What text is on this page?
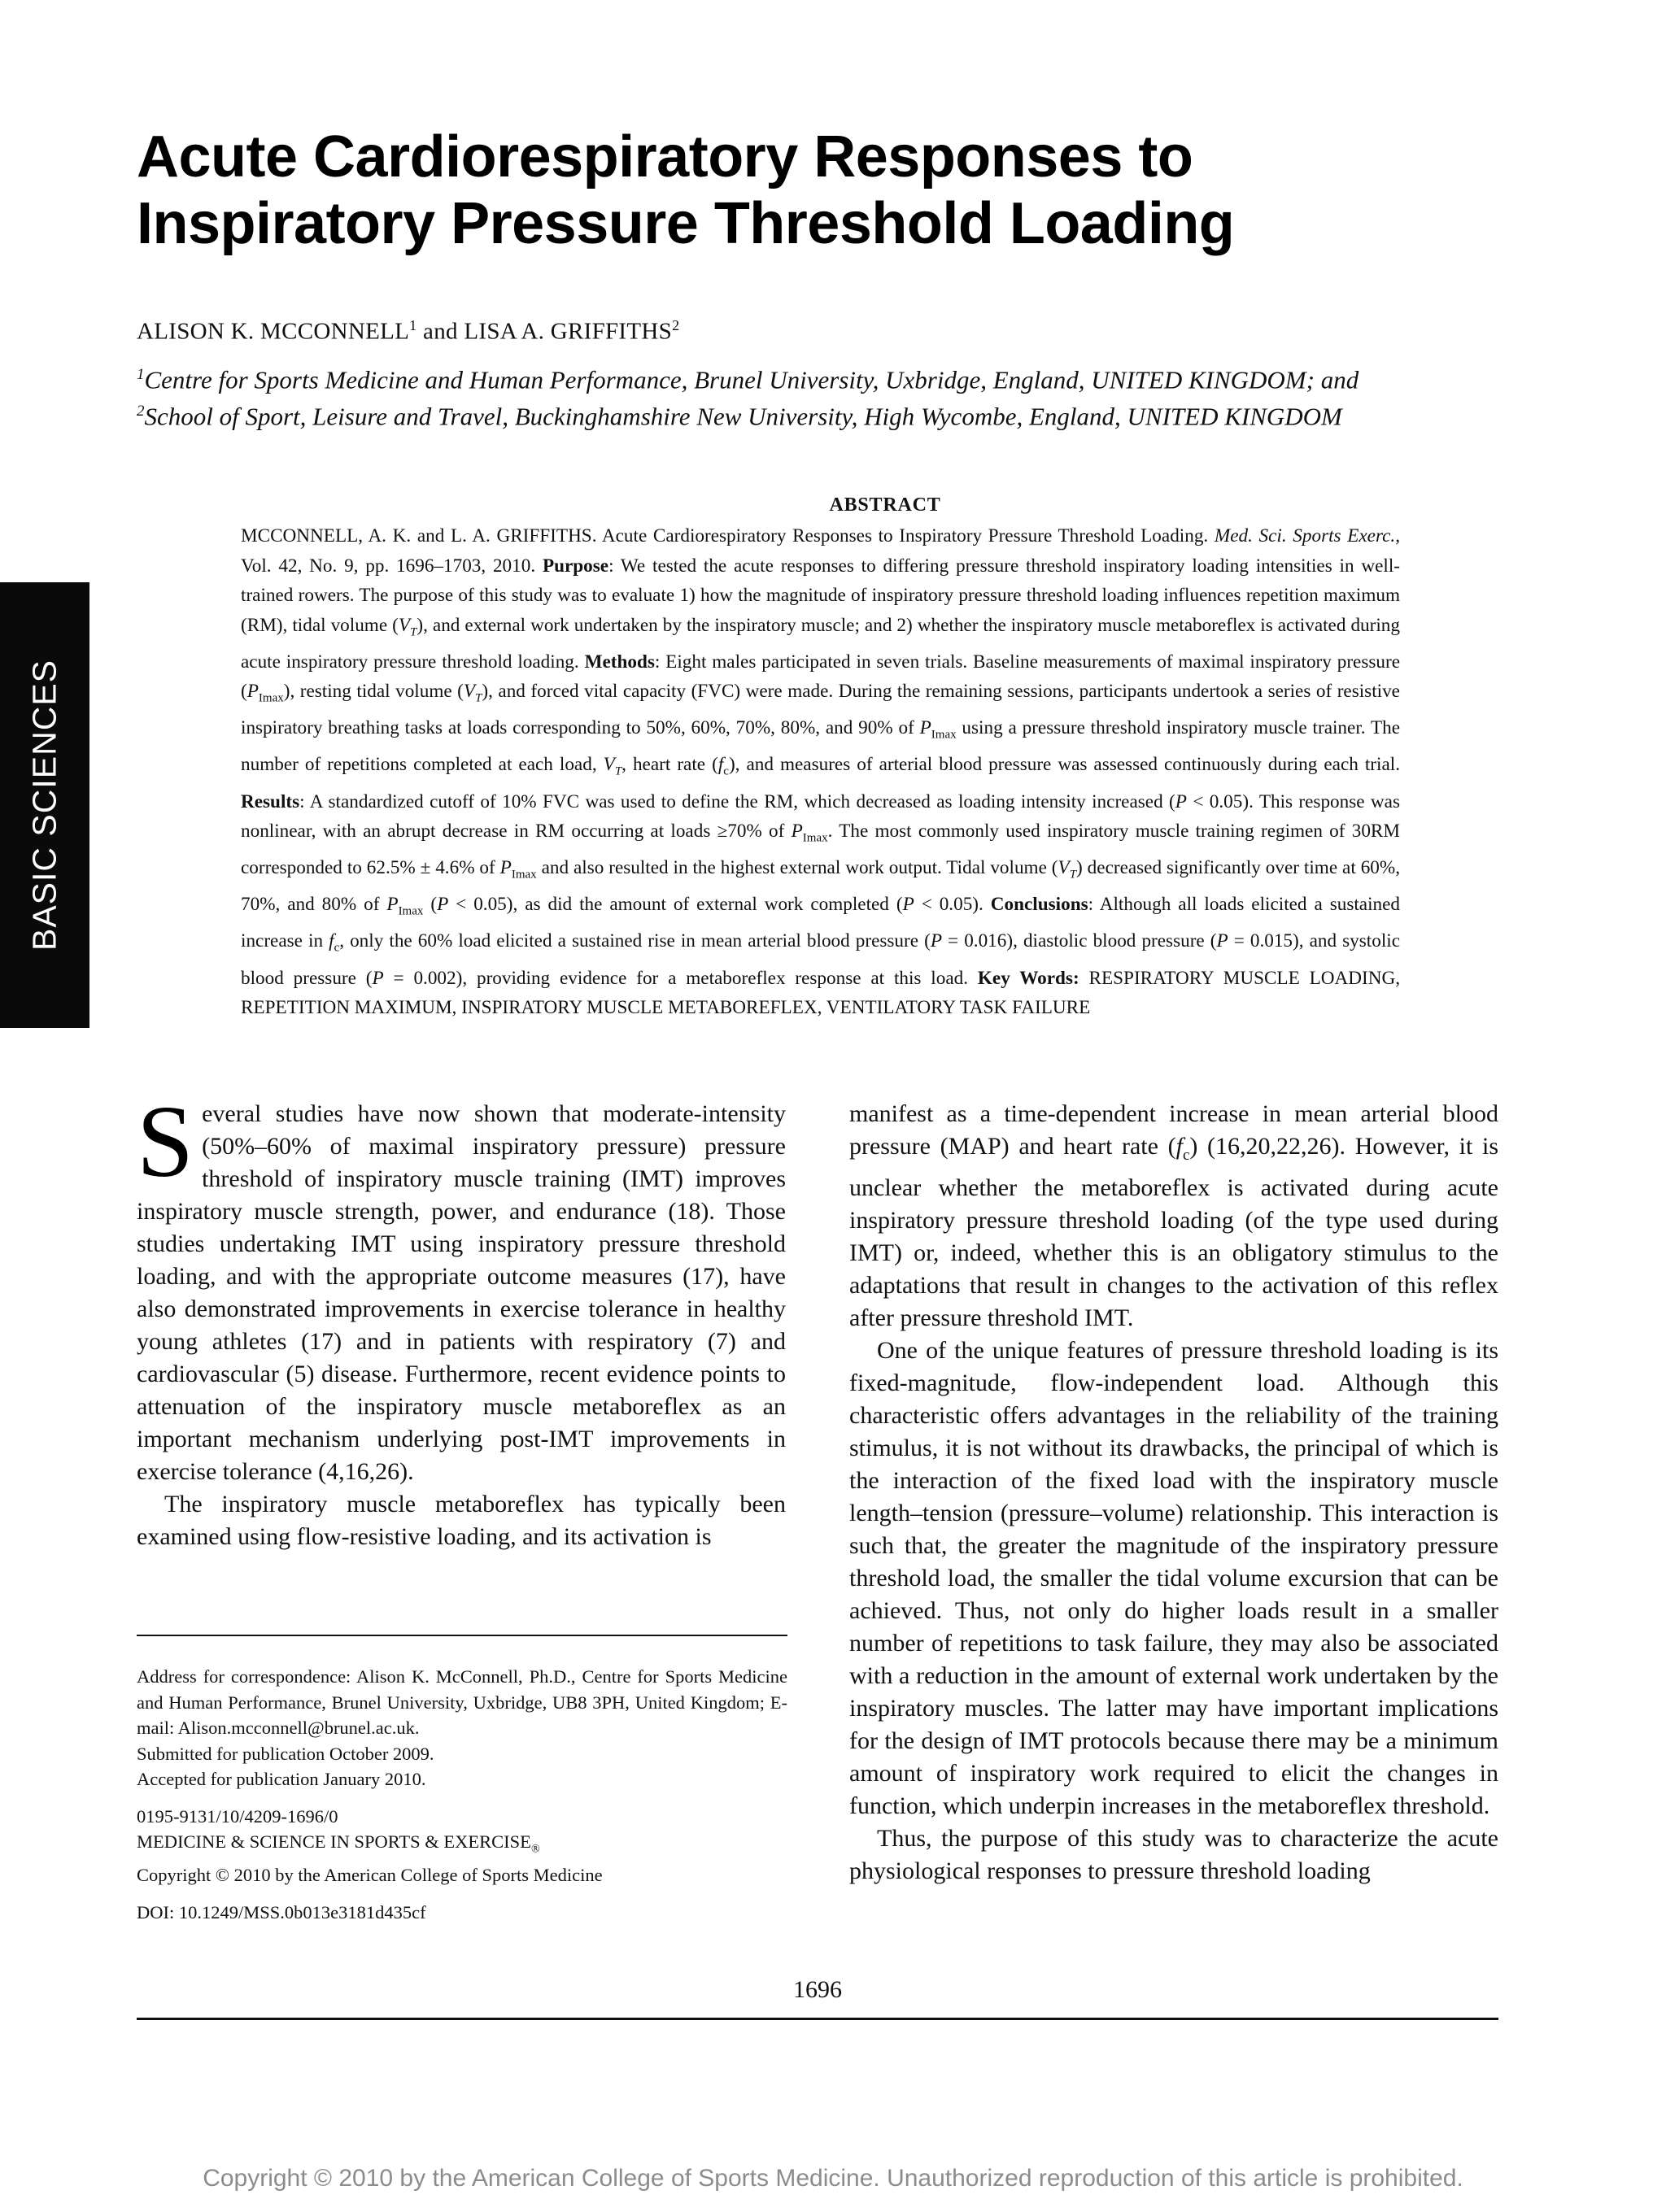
BASIC SCIENCES
Acute Cardiorespiratory Responses to
Inspiratory Pressure Threshold Loading
ALISON K. MCCONNELL$^1$ and LISA A. GRIFFITHS$^2$
$^1$Centre for Sports Medicine and Human Performance, Brunel University, Uxbridge, England, UNITED KINGDOM; and
$^2$School of Sport, Leisure and Travel, Buckinghamshire New University, High Wycombe, England, UNITED KINGDOM
ABSTRACT
MCCONNELL, A. K. and L. A. GRIFFITHS. Acute Cardiorespiratory Responses to Inspiratory Pressure Threshold Loading. Med. Sci. Sports Exerc., Vol. 42, No. 9, pp. 1696–1703, 2010. Purpose: We tested the acute responses to differing pressure threshold inspiratory loading intensities in well-trained rowers. The purpose of this study was to evaluate 1) how the magnitude of inspiratory pressure threshold loading influences repetition maximum (RM), tidal volume $(V_T)$, and external work undertaken by the inspiratory muscle; and 2) whether the inspiratory muscle metaboreflex is activated during acute inspiratory pressure threshold loading. Methods: Eight males participated in seven trials. Baseline measurements of maximal inspiratory pressure $(P_{Imax})$, resting tidal volume $(V_T)$, and forced vital capacity (FVC) were made. During the remaining sessions, participants undertook a series of resistive inspiratory breathing tasks at loads corresponding to 50%, 60%, 70%, 80%, and 90% of $P_{Imax}$ using a pressure threshold inspiratory muscle trainer. The number of repetitions completed at each load, $V_T$, heart rate $(f_c)$, and measures of arterial blood pressure was assessed continuously during each trial. Results: A standardized cutoff of 10% FVC was used to define the RM, which decreased as loading intensity increased (P < 0.05). This response was nonlinear, with an abrupt decrease in RM occurring at loads ≥70% of $P_{Imax}$. The most commonly used inspiratory muscle training regimen of 30RM corresponded to 62.5% ± 4.6% of $P_{Imax}$ and also resulted in the highest external work output. Tidal volume $(V_T)$ decreased significantly over time at 60%, 70%, and 80% of $P_{Imax}$ (P < 0.05), as did the amount of external work completed (P < 0.05). Conclusions: Although all loads elicited a sustained increase in $f_c$, only the 60% load elicited a sustained rise in mean arterial blood pressure (P = 0.016), diastolic blood pressure (P = 0.015), and systolic blood pressure (P = 0.002), providing evidence for a metaboreflex response at this load. Key Words: RESPIRATORY MUSCLE LOADING, REPETITION MAXIMUM, INSPIRATORY MUSCLE METABOREFLEX, VENTILATORY TASK FAILURE

Several studies have now shown that moderate-intensity (50%–60% of maximal inspiratory pressure) pressure threshold of inspiratory muscle training (IMT) improves inspiratory muscle strength, power, and endurance (18). Those studies undertaking IMT using inspiratory pressure threshold loading, and with the appropriate outcome measures (17), have also demonstrated improvements in exercise tolerance in healthy young athletes (17) and in patients with respiratory (7) and cardiovascular (5) disease. Furthermore, recent evidence points to attenuation of the inspiratory muscle metaboreflex as an important mechanism underlying post-IMT improvements in exercise tolerance (4,16,26).

The inspiratory muscle metaboreflex has typically been examined using flow-resistive loading, and its activation is

manifest as a time-dependent increase in mean arterial blood pressure (MAP) and heart rate $(f_c)$ (16,20,22,26). However, it is unclear whether the metaboreflex is activated during acute inspiratory pressure threshold loading (of the type used during IMT) or, indeed, whether this is an obligatory stimulus to the adaptations that result in changes to the activation of this reflex after pressure threshold IMT.

One of the unique features of pressure threshold loading is its fixed-magnitude, flow-independent load. Although this characteristic offers advantages in the reliability of the training stimulus, it is not without its drawbacks, the principal of which is the interaction of the fixed load with the inspiratory muscle length–tension (pressure–volume) relationship. This interaction is such that, the greater the magnitude of the inspiratory pressure threshold load, the smaller the tidal volume excursion that can be achieved. Thus, not only do higher loads result in a smaller number of repetitions to task failure, they may also be associated with a reduction in the amount of external work undertaken by the inspiratory muscles. The latter may have important implications for the design of IMT protocols because there may be a minimum amount of inspiratory work required to elicit the changes in function, which underpin increases in the metaboreflex threshold.

Thus, the purpose of this study was to characterize the acute physiological responses to pressure threshold loading

Address for correspondence: Alison K. McConnell, Ph.D., Centre for Sports Medicine and Human Performance, Brunel University, Uxbridge, UB8 3PH, United Kingdom; E-mail: Alison.mcconnell@brunel.ac.uk.
Submitted for publication October 2009.
Accepted for publication January 2010.
0195-9131/10/4209-1696/0
MEDICINE & SCIENCE IN SPORTS & $EXERCISE_®$
Copyright © 2010 by the American College of Sports Medicine
DOI: 10.1249/MSS.0b013e3181d435cf
1696
Copyright © 2010 by the American College of Sports Medicine. Unauthorized reproduction of this article is prohibited.
